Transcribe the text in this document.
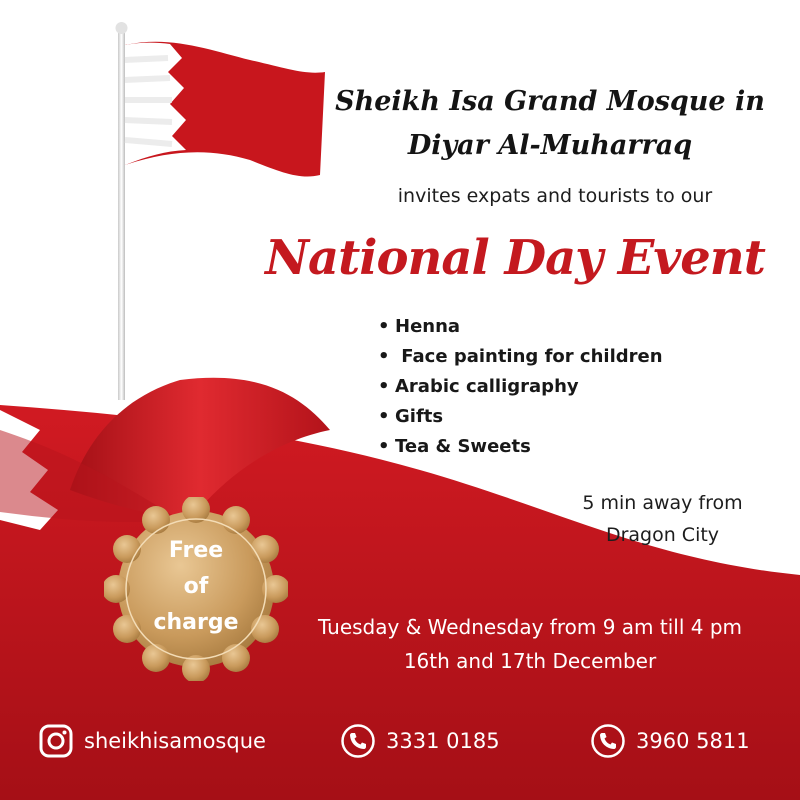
Sheikh Isa Grand Mosque in
Diyar Al-Muharraq

invites expats and tourists to our

National Day Event
• Henna
• Face painting for children
• Arabic calligraphy
• Gifts
• Tea & Sweets
5 min away from
Dragon City
Free
of
charge	Tuesday & Wednesday from 9 am till 4 pm

16th and 17th December

sheikhisamosque	3331 0185	3960 5811
